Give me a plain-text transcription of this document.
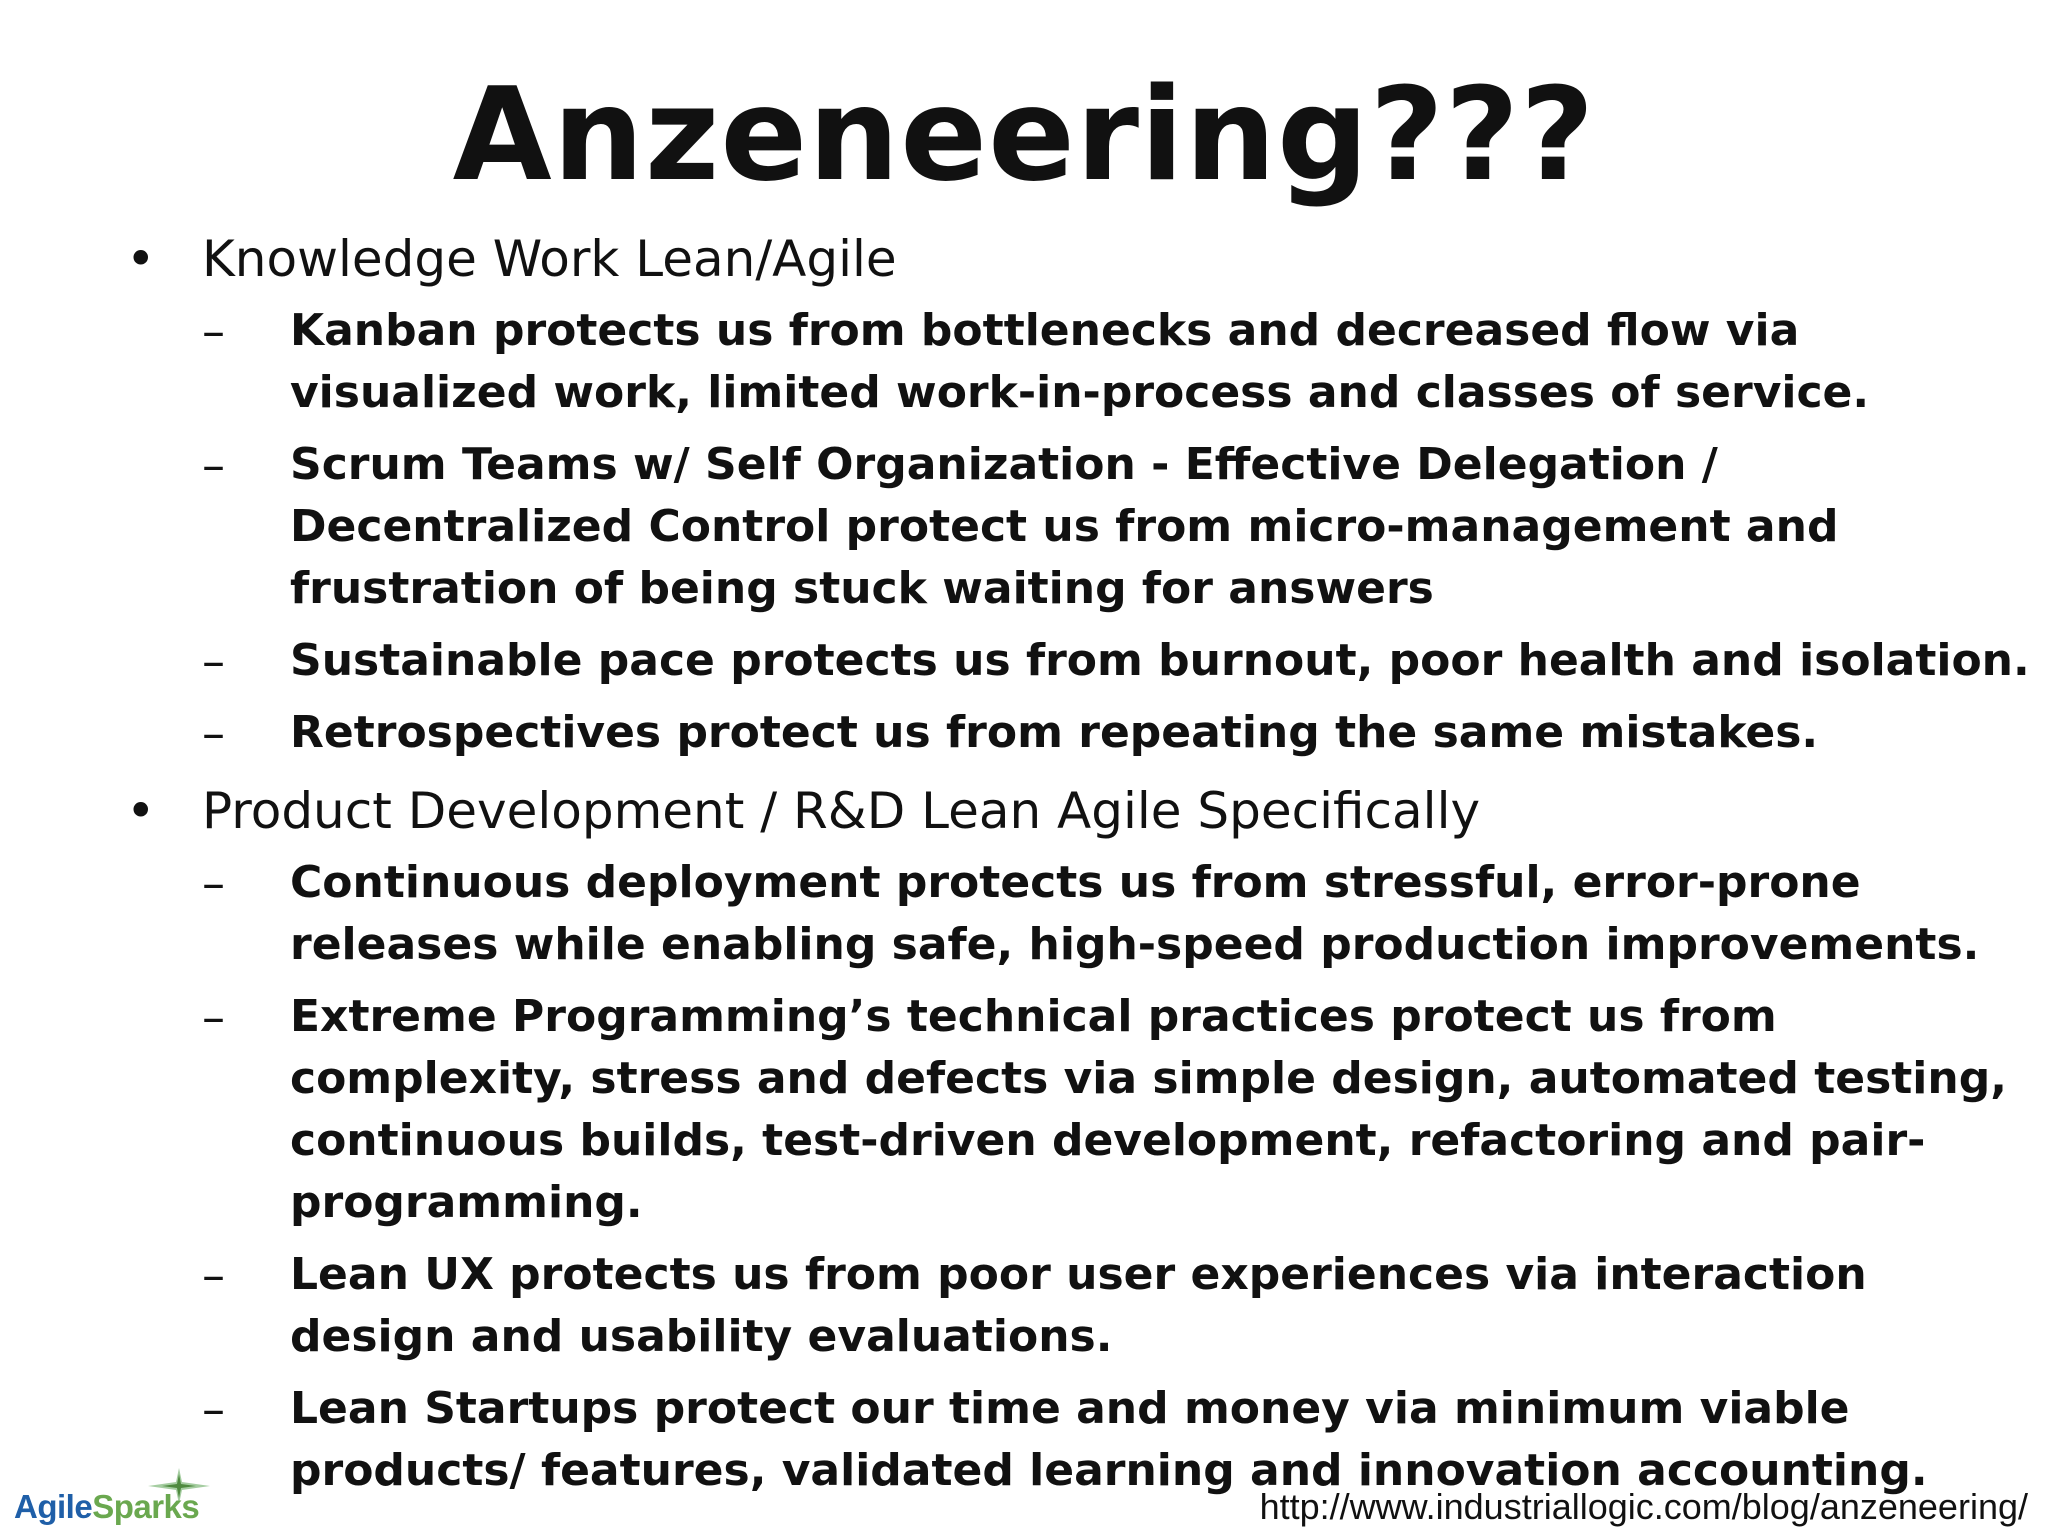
Anzeneering???
• Knowledge Work Lean/Agile
– Kanban protects us from bottlenecks and decreased flow via visualized work, limited work-in-process and classes of service.
– Scrum Teams w/ Self Organization - Effective Delegation / Decentralized Control protect us from micro-management and frustration of being stuck waiting for answers
– Sustainable pace protects us from burnout, poor health and isolation.
– Retrospectives protect us from repeating the same mistakes.
• Product Development / R&D Lean Agile Specifically
– Continuous deployment protects us from stressful, error-prone releases while enabling safe, high-speed production improvements.
– Extreme Programming’s technical practices protect us from complexity, stress and defects via simple design, automated testing, continuous builds, test-driven development, refactoring and pair-programming.
– Lean UX protects us from poor user experiences via interaction design and usability evaluations.
– Lean Startups protect our time and money via minimum viable products/ features, validated learning and innovation accounting.
AgileSparks	http://www.industriallogic.com/blog/anzeneering/
